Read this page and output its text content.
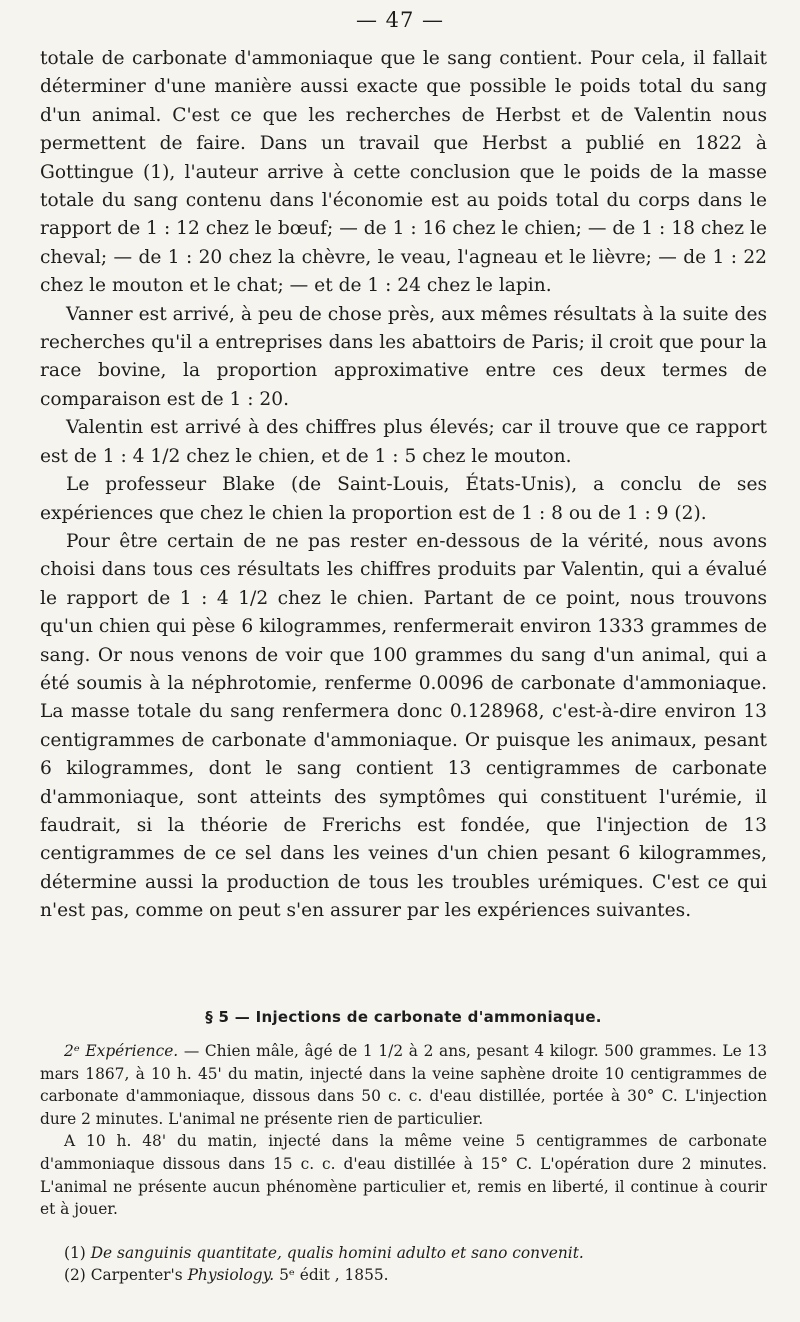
— 47 —

totale de carbonate d'ammoniaque que le sang contient. Pour cela, il fallait déterminer d'une manière aussi exacte que possible le poids total du sang d'un animal. C'est ce que les recherches de Herbst et de Valentin nous permettent de faire. Dans un travail que Herbst a publié en 1822 à Gottingue (1), l'auteur arrive à cette conclusion que le poids de la masse totale du sang contenu dans l'économie est au poids total du corps dans le rapport de 1 : 12 chez le bœuf; — de 1 : 16 chez le chien; — de 1 : 18 chez le cheval; — de 1 : 20 chez la chèvre, le veau, l'agneau et le lièvre; — de 1 : 22 chez le mouton et le chat; — et de 1 : 24 chez le lapin.

Vanner est arrivé, à peu de chose près, aux mêmes résultats à la suite des recherches qu'il a entreprises dans les abattoirs de Paris; il croit que pour la race bovine, la proportion approximative entre ces deux termes de comparaison est de 1 : 20.

Valentin est arrivé à des chiffres plus élevés; car il trouve que ce rapport est de 1 : 4 1/2 chez le chien, et de 1 : 5 chez le mouton.

Le professeur Blake (de Saint-Louis, États-Unis), a conclu de ses expériences que chez le chien la proportion est de 1 : 8 ou de 1 : 9 (2).

Pour être certain de ne pas rester en-dessous de la vérité, nous avons choisi dans tous ces résultats les chiffres produits par Valentin, qui a évalué le rapport de 1 : 4 1/2 chez le chien. Partant de ce point, nous trouvons qu'un chien qui pèse 6 kilogrammes, renfermerait environ 1333 grammes de sang. Or nous venons de voir que 100 grammes du sang d'un animal, qui a été soumis à la néphrotomie, renferme 0.0096 de carbonate d'ammoniaque. La masse totale du sang renfermera donc 0.128968, c'est-à-dire environ 13 centigrammes de carbonate d'ammoniaque. Or puisque les animaux, pesant 6 kilogrammes, dont le sang contient 13 centigrammes de carbonate d'ammoniaque, sont atteints des symptômes qui constituent l'urémie, il faudrait, si la théorie de Frerichs est fondée, que l'injection de 13 centigrammes de ce sel dans les veines d'un chien pesant 6 kilogrammes, détermine aussi la production de tous les troubles urémiques. C'est ce qui n'est pas, comme on peut s'en assurer par les expériences suivantes.

§ 5 — Injections de carbonate d'ammoniaque.

2ᵉ Expérience. — Chien mâle, âgé de 1 1/2 à 2 ans, pesant 4 kilogr. 500 grammes. Le 13 mars 1867, à 10 h. 45' du matin, injecté dans la veine saphène droite 10 centigrammes de carbonate d'ammoniaque, dissous dans 50 c. c. d'eau distillée, portée à 30° C. L'injection dure 2 minutes. L'animal ne présente rien de particulier.

A 10 h. 48' du matin, injecté dans la même veine 5 centigrammes de carbonate d'ammoniaque dissous dans 15 c. c. d'eau distillée à 15° C. L'opération dure 2 minutes. L'animal ne présente aucun phénomène particulier et, remis en liberté, il continue à courir et à jouer.

(1) De sanguinis quantitate, qualis homini adulto et sano convenit.

(2) Carpenter's Physiology. 5ᵉ édit , 1855.
